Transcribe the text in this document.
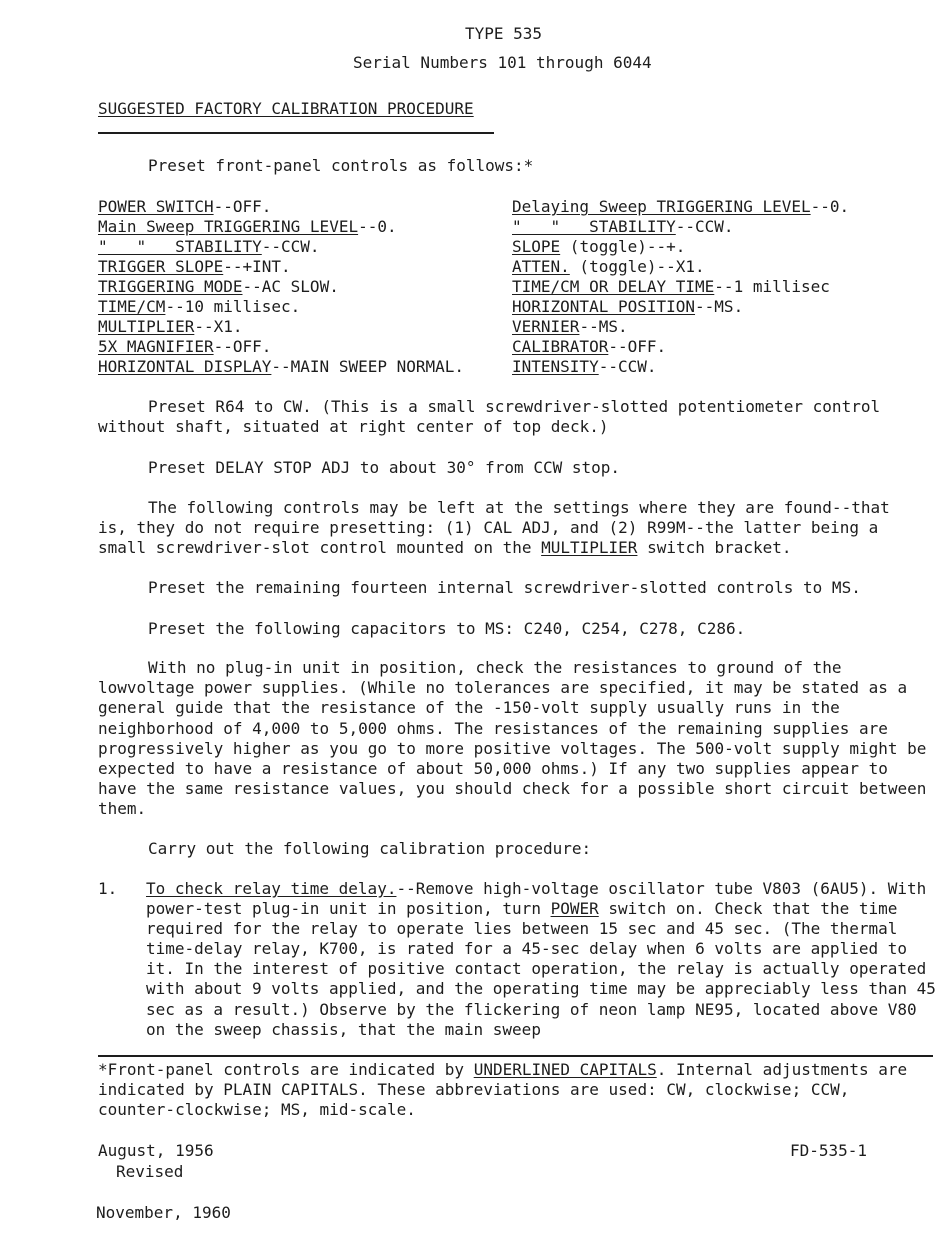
TYPE 535
Serial Numbers 101 through 6044
SUGGESTED FACTORY CALIBRATION PROCEDURE
Preset front-panel controls as follows:*
POWER SWITCH--OFF.
Main Sweep TRIGGERING LEVEL--0.
"   "   STABILITY--CCW.
TRIGGER SLOPE--+INT.
TRIGGERING MODE--AC SLOW.
TIME/CM--10 millisec.
MULTIPLIER--X1.
5X MAGNIFIER--OFF.
HORIZONTAL DISPLAY--MAIN SWEEP NORMAL.
Delaying Sweep TRIGGERING LEVEL--0.
"   "   STABILITY--CCW.
SLOPE (toggle)--+.
ATTEN. (toggle)--X1.
TIME/CM OR DELAY TIME--1 millisec
HORIZONTAL POSITION--MS.
VERNIER--MS.
CALIBRATOR--OFF.
INTENSITY--CCW.
Preset R64 to CW. (This is a small screwdriver-slotted potentiometer control without shaft, situated at right center of top deck.)
Preset DELAY STOP ADJ to about 30° from CCW stop.
The following controls may be left at the settings where they are found--that is, they do not require presetting: (1) CAL ADJ, and (2) R99M--the latter being a small screwdriver-slot control mounted on the MULTIPLIER switch bracket.
Preset the remaining fourteen internal screwdriver-slotted controls to MS.
Preset the following capacitors to MS: C240, C254, C278, C286.
With no plug-in unit in position, check the resistances to ground of the lowvoltage power supplies. (While no tolerances are specified, it may be stated as a general guide that the resistance of the -150-volt supply usually runs in the neighborhood of 4,000 to 5,000 ohms. The resistances of the remaining supplies are progressively higher as you go to more positive voltages. The 500-volt supply might be expected to have a resistance of about 50,000 ohms.) If any two supplies appear to have the same resistance values, you should check for a possible short circuit between them.
Carry out the following calibration procedure:
1. To check relay time delay.--Remove high-voltage oscillator tube V803 (6AU5). With power-test plug-in unit in position, turn POWER switch on. Check that the time required for the relay to operate lies between 15 sec and 45 sec. (The thermal time-delay relay, K700, is rated for a 45-sec delay when 6 volts are applied to it. In the interest of positive contact operation, the relay is actually operated with about 9 volts applied, and the operating time may be appreciably less than 45 sec as a result.) Observe by the flickering of neon lamp NE95, located above V80 on the sweep chassis, that the main sweep
*Front-panel controls are indicated by UNDERLINED CAPITALS. Internal adjustments are indicated by PLAIN CAPITALS. These abbreviations are used: CW, clockwise; CCW, counter-clockwise; MS, mid-scale.
August, 1956
Revised
November, 1960
FD-535-1
